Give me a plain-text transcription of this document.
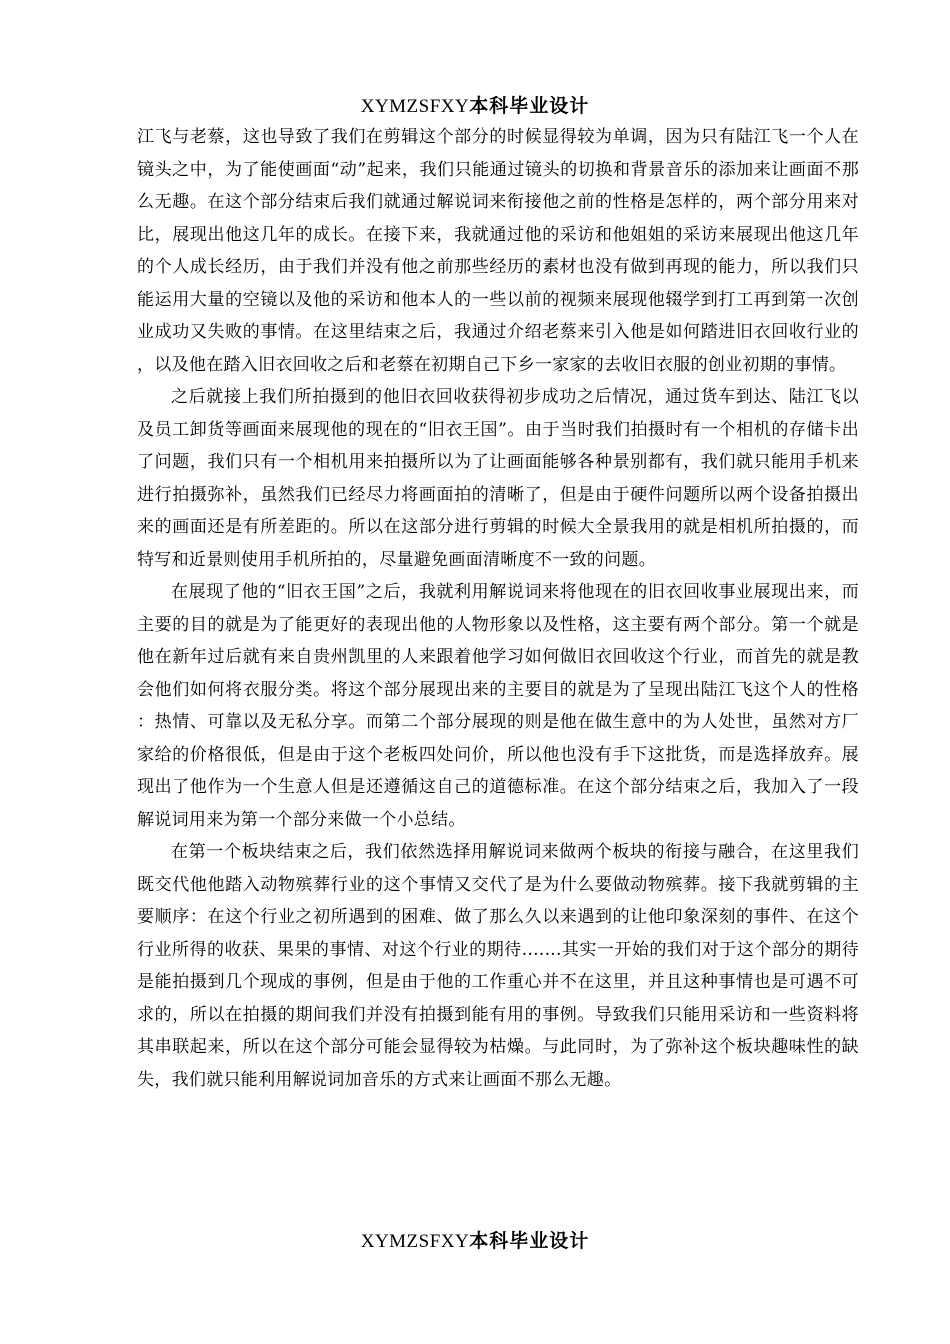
XYMZSFXY本科毕业设计

江飞与老蔡，这也导致了我们在剪辑这个部分的时候显得较为单调，因为只有陆江飞一个人在镜头之中，为了能使画面“动”起来，我们只能通过镜头的切换和背景音乐的添加来让画面不那么无趣。在这个部分结束后我们就通过解说词来衔接他之前的性格是怎样的，两个部分用来对比，展现出他这几年的成长。在接下来，我就通过他的采访和他姐姐的采访来展现出他这几年的个人成长经历，由于我们并没有他之前那些经历的素材也没有做到再现的能力，所以我们只能运用大量的空镜以及他的采访和他本人的一些以前的视频来展现他辍学到打工再到第一次创业成功又失败的事情。在这里结束之后，我通过介绍老蔡来引入他是如何踏进旧衣回收行业的，以及他在踏入旧衣回收之后和老蔡在初期自己下乡一家家的去收旧衣服的创业初期的事情。

之后就接上我们所拍摄到的他旧衣回收获得初步成功之后情况，通过货车到达、陆江飞以及员工卸货等画面来展现他的现在的“旧衣王国”。由于当时我们拍摄时有一个相机的存储卡出了问题，我们只有一个相机用来拍摄所以为了让画面能够各种景别都有，我们就只能用手机来进行拍摄弥补，虽然我们已经尽力将画面拍的清晰了，但是由于硬件问题所以两个设备拍摄出来的画面还是有所差距的。所以在这部分进行剪辑的时候大全景我用的就是相机所拍摄的，而特写和近景则使用手机所拍的，尽量避免画面清晰度不一致的问题。

在展现了他的“旧衣王国”之后，我就利用解说词来将他现在的旧衣回收事业展现出来，而主要的目的就是为了能更好的表现出他的人物形象以及性格，这主要有两个部分。第一个就是他在新年过后就有来自贵州凯里的人来跟着他学习如何做旧衣回收这个行业，而首先的就是教会他们如何将衣服分类。将这个部分展现出来的主要目的就是为了呈现出陆江飞这个人的性格：热情、可靠以及无私分享。而第二个部分展现的则是他在做生意中的为人处世，虽然对方厂家给的价格很低，但是由于这个老板四处问价，所以他也没有手下这批货，而是选择放弃。展现出了他作为一个生意人但是还遵循这自己的道德标准。在这个部分结束之后，我加入了一段解说词用来为第一个部分来做一个小总结。

在第一个板块结束之后，我们依然选择用解说词来做两个板块的衔接与融合，在这里我们既交代他他踏入动物殡葬行业的这个事情又交代了是为什么要做动物殡葬。接下我就剪辑的主要顺序：在这个行业之初所遇到的困难、做了那么久以来遇到的让他印象深刻的事件、在这个行业所得的收获、果果的事情、对这个行业的期待.......其实一开始的我们对于这个部分的期待是能拍摄到几个现成的事例，但是由于他的工作重心并不在这里，并且这种事情也是可遇不可求的，所以在拍摄的期间我们并没有拍摄到能有用的事例。导致我们只能用采访和一些资料将其串联起来，所以在这个部分可能会显得较为枯燥。与此同时，为了弥补这个板块趣味性的缺失，我们就只能利用解说词加音乐的方式来让画面不那么无趣。

XYMZSFXY本科毕业设计
